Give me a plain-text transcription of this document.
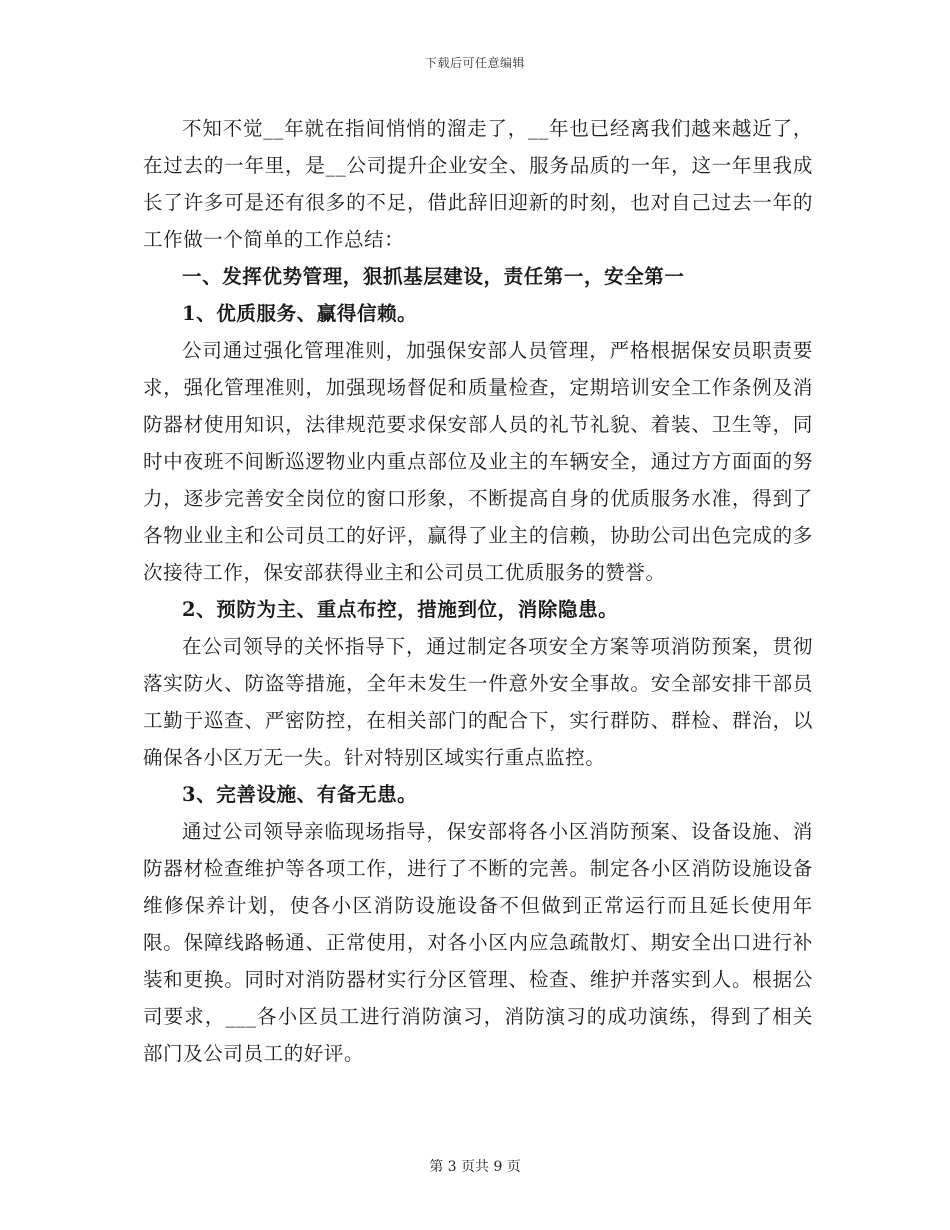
下载后可任意编辑

不知不觉__年就在指间悄悄的溜走了，__年也已经离我们越来越近了，在过去的一年里，是__公司提升企业安全、服务品质的一年，这一年里我成长了许多可是还有很多的不足，借此辞旧迎新的时刻，也对自己过去一年的工作做一个简单的工作总结：

一、发挥优势管理，狠抓基层建设，责任第一，安全第一

1、优质服务、赢得信赖。

公司通过强化管理准则，加强保安部人员管理，严格根据保安员职责要求，强化管理准则，加强现场督促和质量检查，定期培训安全工作条例及消防器材使用知识，法律规范要求保安部人员的礼节礼貌、着装、卫生等，同时中夜班不间断巡逻物业内重点部位及业主的车辆安全，通过方方面面的努力，逐步完善安全岗位的窗口形象，不断提高自身的优质服务水准，得到了各物业业主和公司员工的好评，赢得了业主的信赖，协助公司出色完成的多次接待工作，保安部获得业主和公司员工优质服务的赞誉。

2、预防为主、重点布控，措施到位，消除隐患。

在公司领导的关怀指导下，通过制定各项安全方案等项消防预案，贯彻落实防火、防盗等措施，全年未发生一件意外安全事故。安全部安排干部员工勤于巡查、严密防控，在相关部门的配合下，实行群防、群检、群治，以确保各小区万无一失。针对特别区域实行重点监控。

3、完善设施、有备无患。

通过公司领导亲临现场指导，保安部将各小区消防预案、设备设施、消防器材检查维护等各项工作，进行了不断的完善。制定各小区消防设施设备维修保养计划，使各小区消防设施设备不但做到正常运行而且延长使用年限。保障线路畅通、正常使用，对各小区内应急疏散灯、期安全出口进行补装和更换。同时对消防器材实行分区管理、检查、维护并落实到人。根据公司要求，___各小区员工进行消防演习，消防演习的成功演练，得到了相关部门及公司员工的好评。

第 3 页共 9 页
